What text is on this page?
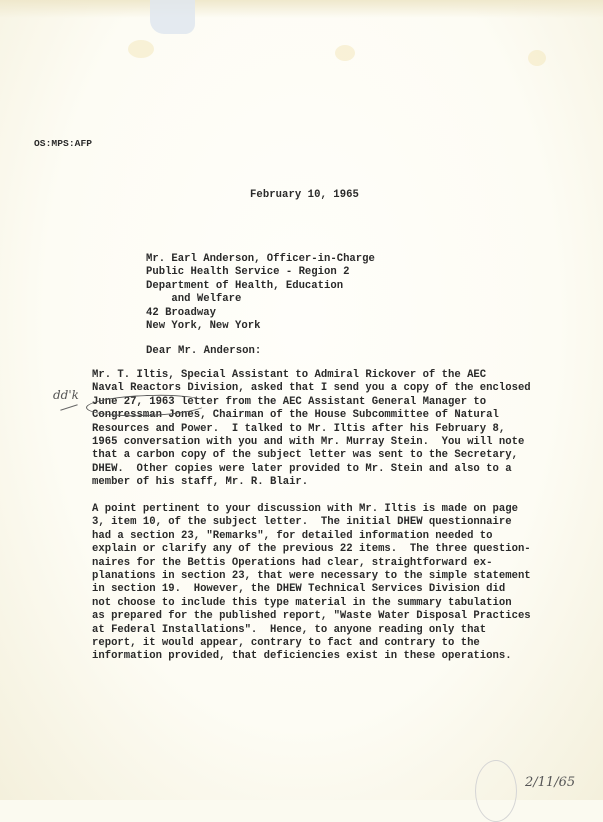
OS:MPS:AFP
February 10, 1965
Mr. Earl Anderson, Officer-in-Charge
Public Health Service - Region 2
Department of Health, Education
and Welfare
42 Broadway
New York, New York
Dear Mr. Anderson:
Mr. T. Iltis, Special Assistant to Admiral Rickover of the AEC
Naval Reactors Division, asked that I send you a copy of the enclosed
June 27, 1963 letter from the AEC Assistant General Manager to
Congressman Jones, Chairman of the House Subcommittee of Natural
Resources and Power.  I talked to Mr. Iltis after his February 8,
1965 conversation with you and with Mr. Murray Stein.  You will note
that a carbon copy of the subject letter was sent to the Secretary,
DHEW.  Other copies were later provided to Mr. Stein and also to a
member of his staff, Mr. R. Blair.
A point pertinent to your discussion with Mr. Iltis is made on page
3, item 10, of the subject letter.  The initial DHEW questionnaire
had a section 23, "Remarks", for detailed information needed to
explain or clarify any of the previous 22 items.  The three question-
naires for the Bettis Operations had clear, straightforward ex-
planations in section 23, that were necessary to the simple statement
in section 19.  However, the DHEW Technical Services Division did
not choose to include this type material in the summary tabulation
as prepared for the published report, "Waste Water Disposal Practices
at Federal Installations".  Hence, to anyone reading only that
report, it would appear, contrary to fact and contrary to the
information provided, that deficiencies exist in these operations.
dd'k
2/11/65
